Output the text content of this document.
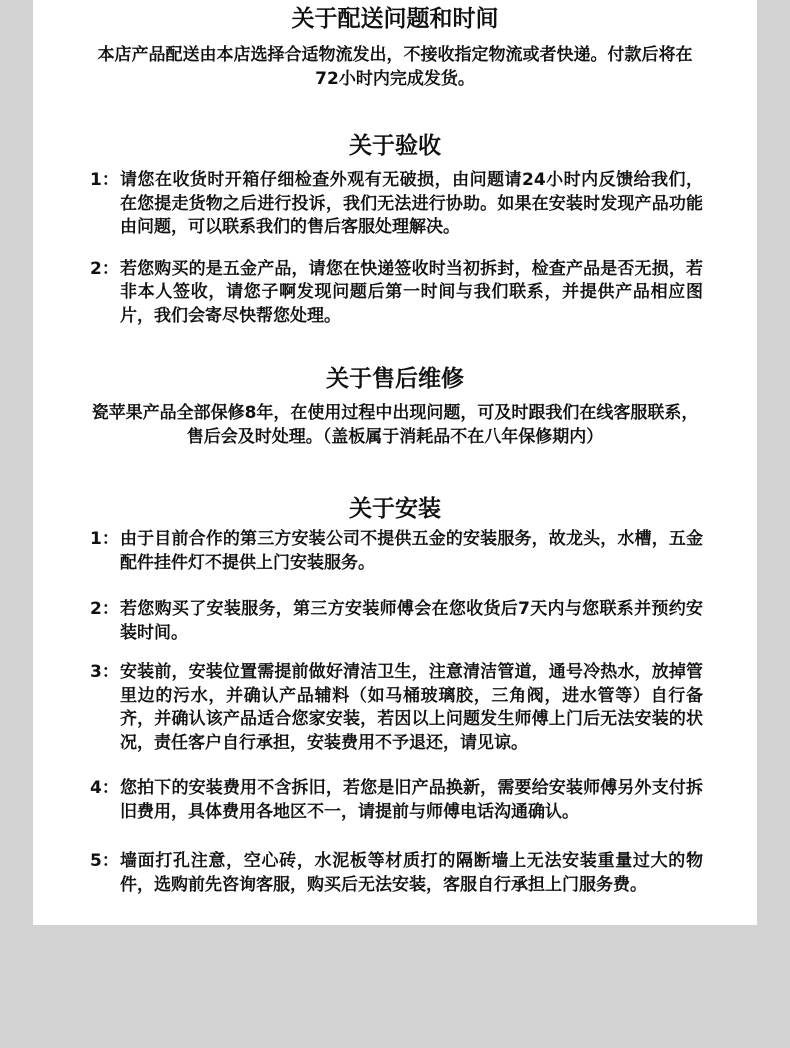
关于配送问题和时间

本店产品配送由本店选择合适物流发出，不接收指定物流或者快递。付款后将在72小时内完成发货。

关于验收
1： 请您在收货时开箱仔细检查外观有无破损，由问题请24小时内反馈给我们，在您提走货物之后进行投诉，我们无法进行协助。如果在安装时发现产品功能由问题，可以联系我们的售后客服处理解决。
2： 若您购买的是五金产品，请您在快递签收时当初拆封，检查产品是否无损，若非本人签收，请您子啊发现问题后第一时间与我们联系，并提供产品相应图片，我们会寄尽快帮您处理。
关于售后维修

瓷苹果产品全部保修8年，在使用过程中出现问题，可及时跟我们在线客服联系，售后会及时处理。（盖板属于消耗品不在八年保修期内）

关于安装
1： 由于目前合作的第三方安装公司不提供五金的安装服务，故龙头，水槽，五金配件挂件灯不提供上门安装服务。
2： 若您购买了安装服务，第三方安装师傅会在您收货后7天内与您联系并预约安装时间。
3： 安装前，安装位置需提前做好清洁卫生，注意清洁管道，通号冷热水，放掉管里边的污水，并确认产品辅料（如马桶玻璃胶，三角阀，进水管等）自行备齐，并确认该产品适合您家安装，若因以上问题发生师傅上门后无法安装的状况，责任客户自行承担，安装费用不予退还，请见谅。
4： 您拍下的安装费用不含拆旧，若您是旧产品换新，需要给安装师傅另外支付拆旧费用，具体费用各地区不一，请提前与师傅电话沟通确认。
5： 墙面打孔注意，空心砖，水泥板等材质打的隔断墙上无法安装重量过大的物件，选购前先咨询客服，购买后无法安装，客服自行承担上门服务费。
